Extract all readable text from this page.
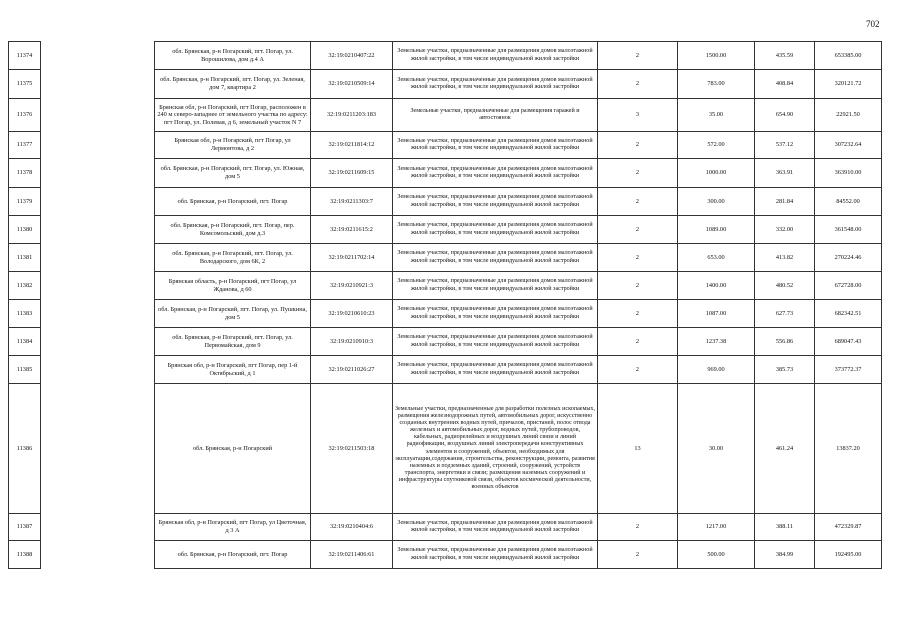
702
11374		обл. Брянская, р-н Погарский, пгт. Погар, ул. Ворошилова, дом д.4 А	32:19:0210407:22	Земельные участки, предназначенные для размещения домов малоэтажной жилой застройки, в том числе индивидуальной жилой застройки	2	1500.00	435.59	653385.00
11375		обл. Брянская, р-н Погарский, пгт. Погар, ул. Зеленая, дом 7, квартира 2	32:19:0210509:14	Земельные участки, предназначенные для размещения домов малоэтажной жилой застройки, в том числе индивидуальной жилой застройки	2	783.00	408.84	320121.72
11376		Брянская обл, р-н Погарский, пгт Погар, расположен в 240 м северо-западнее от земельного участка по адресу: пгт Погар, ул. Полевая, д 6, земельный участок N 7	32:19:0211203:183	Земельные участки, предназначенные для размещения гаражей и автостоянок	3	35.00	654.90	22921.50
11377		Брянская обл, р-н Погарский, пгт Погар, ул Лермонтова, д 2	32:19:0211814:12	Земельные участки, предназначенные для размещения домов малоэтажной жилой застройки, в том числе индивидуальной жилой застройки	2	572.00	537.12	307232.64
11378		обл. Брянская, р-н Погарский, пгт. Погар, ул. Южная, дом 5	32:19:0211609:15	Земельные участки, предназначенные для размещения домов малоэтажной жилой застройки, в том числе индивидуальной жилой застройки	2	1000.00	363.91	363910.00
11379		обл. Брянская, р-н Погарский, пгт. Погар	32:19:0211303:7	Земельные участки, предназначенные для размещения домов малоэтажной жилой застройки, в том числе индивидуальной жилой застройки	2	300.00	281.84	84552.00
11380		обл. Брянская, р-н Погарский, пгт. Погар, пер. Комсомольский, дом д.3	32:19:0211615:2	Земельные участки, предназначенные для размещения домов малоэтажной жилой застройки, в том числе индивидуальной жилой застройки	2	1089.00	332.00	361548.00
11381		обл. Брянская, р-н Погарский, пгт. Погар, ул. Володарского, дом 6К, 2	32:19:0211702:14	Земельные участки, предназначенные для размещения домов малоэтажной жилой застройки, в том числе индивидуальной жилой застройки	2	653.00	413.82	270224.46
11382		Брянская область, р-н Погарский, пгт Погар, ул Жданова, д 60	32:19:0210921:3	Земельные участки, предназначенные для размещения домов малоэтажной жилой застройки, в том числе индивидуальной жилой застройки	2	1400.00	480.52	672728.00
11383		обл. Брянская, р-н Погарский, пгт. Погар, ул. Пушкина, дом 5	32:19:0210610:23	Земельные участки, предназначенные для размещения домов малоэтажной жилой застройки, в том числе индивидуальной жилой застройки	2	1087.00	627.73	682342.51
11384		обл. Брянская, р-н Погарский, пгт. Погар, ул. Первомайская, дом 9	32:19:0210910:3	Земельные участки, предназначенные для размещения домов малоэтажной жилой застройки, в том числе индивидуальной жилой застройки	2	1237.38	556.86	689047.43
11385		Брянская обл, р-н Погарский, пгт Погар, пер 1-й Октябрьский, д 1	32:19:0211026:27	Земельные участки, предназначенные для размещения домов малоэтажной жилой застройки, в том числе индивидуальной жилой застройки	2	969.00	385.73	373772.37
11386		обл. Брянская, р-н Погарский	32:19:0211503:18	Земельные участки, предназначенные для разработки полезных ископаемых, размещения железнодорожных путей, автомобильных дорог, искусственно созданных внутренних водных путей, причалов, пристаней, полос отвода железных и автомобильных дорог, водных путей, трубопроводов, кабельных, радиорелейных и воздушных линий связи и линий радиофикации, воздушных линий электропередачи конструктивных элементов и сооружений, объектов, необходимых для эксплуатации,содержания, строительства, реконструкции, ремонта, развития наземных и подземных зданий, строений, сооружений, устройств транспорта, энергетики и связи; размещения наземных сооружений и инфраструктуры спутниковой связи, объектов космической деятельности, военных объектов	13	30.00	461.24	13837.20
11387		Брянская обл, р-н Погарский, пгт Погар, ул Цветочная, д 3 А	32:19:0210404:6	Земельные участки, предназначенные для размещения домов малоэтажной жилой застройки, в том числе индивидуальной жилой застройки	2	1217.00	388.11	472329.87
11388		обл. Брянская, р-н Погарский, пгт. Погар	32:19:0211406:61	Земельные участки, предназначенные для размещения домов малоэтажной жилой застройки, в том числе индивидуальной жилой застройки	2	500.00	384.99	192495.00
